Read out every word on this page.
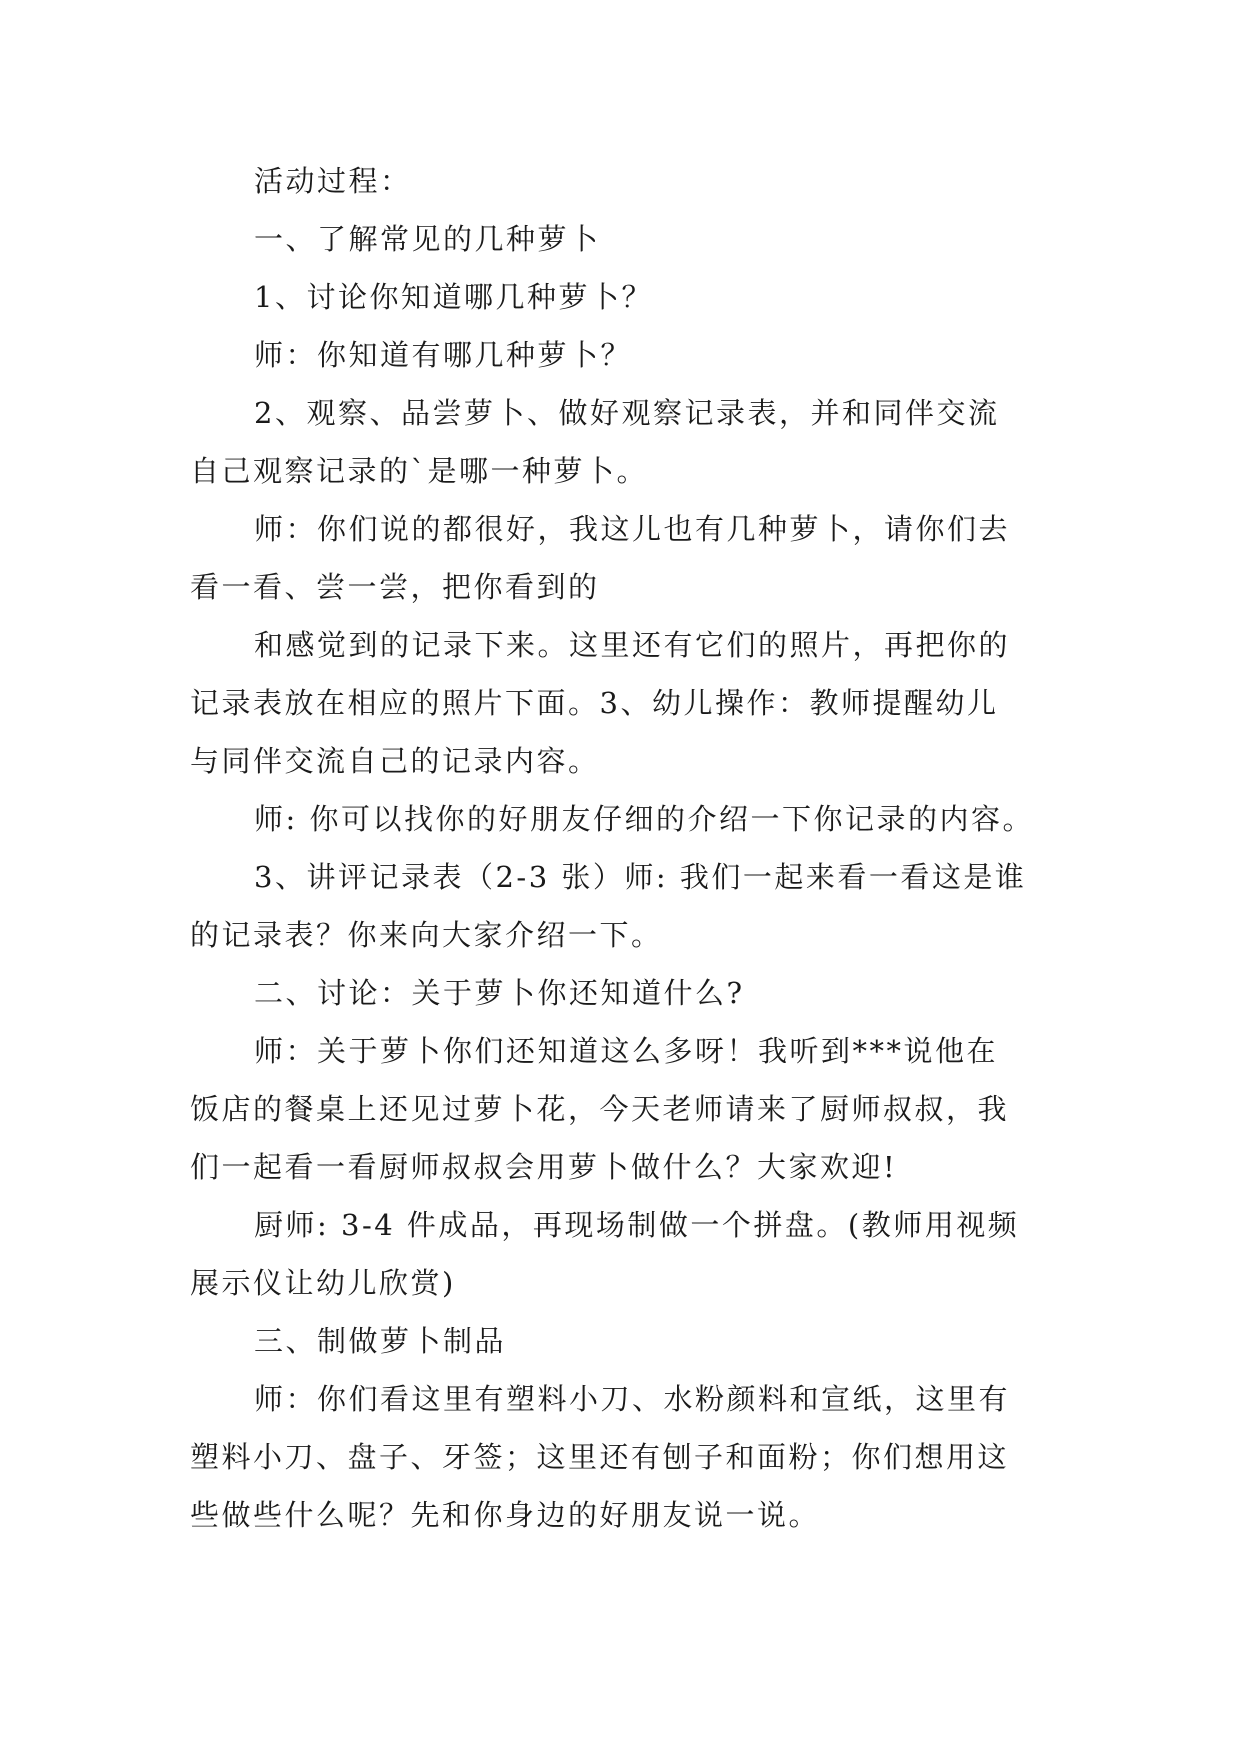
活动过程：
一、了解常见的几种萝卜
1、讨论你知道哪几种萝卜？
师：你知道有哪几种萝卜？
2、观察、品尝萝卜、做好观察记录表，并和同伴交流
自己观察记录的`是哪一种萝卜。
师：你们说的都很好，我这儿也有几种萝卜，请你们去
看一看、尝一尝，把你看到的
和感觉到的记录下来。这里还有它们的照片，再把你的
记录表放在相应的照片下面。3、幼儿操作：教师提醒幼儿
与同伴交流自己的记录内容。
师: 你可以找你的好朋友仔细的介绍一下你记录的内容。
3、讲评记录表（2-3 张）师: 我们一起来看一看这是谁
的记录表？你来向大家介绍一下。
二、讨论：关于萝卜你还知道什么?
师：关于萝卜你们还知道这么多呀！我听到***说他在
饭店的餐桌上还见过萝卜花，今天老师请来了厨师叔叔，我
们一起看一看厨师叔叔会用萝卜做什么？大家欢迎!
厨师: 3-4 件成品，再现场制做一个拼盘。(教师用视频
展示仪让幼儿欣赏)
三、制做萝卜制品
师：你们看这里有塑料小刀、水粉颜料和宣纸，这里有
塑料小刀、盘子、牙签；这里还有刨子和面粉；你们想用这
些做些什么呢？先和你身边的好朋友说一说。
